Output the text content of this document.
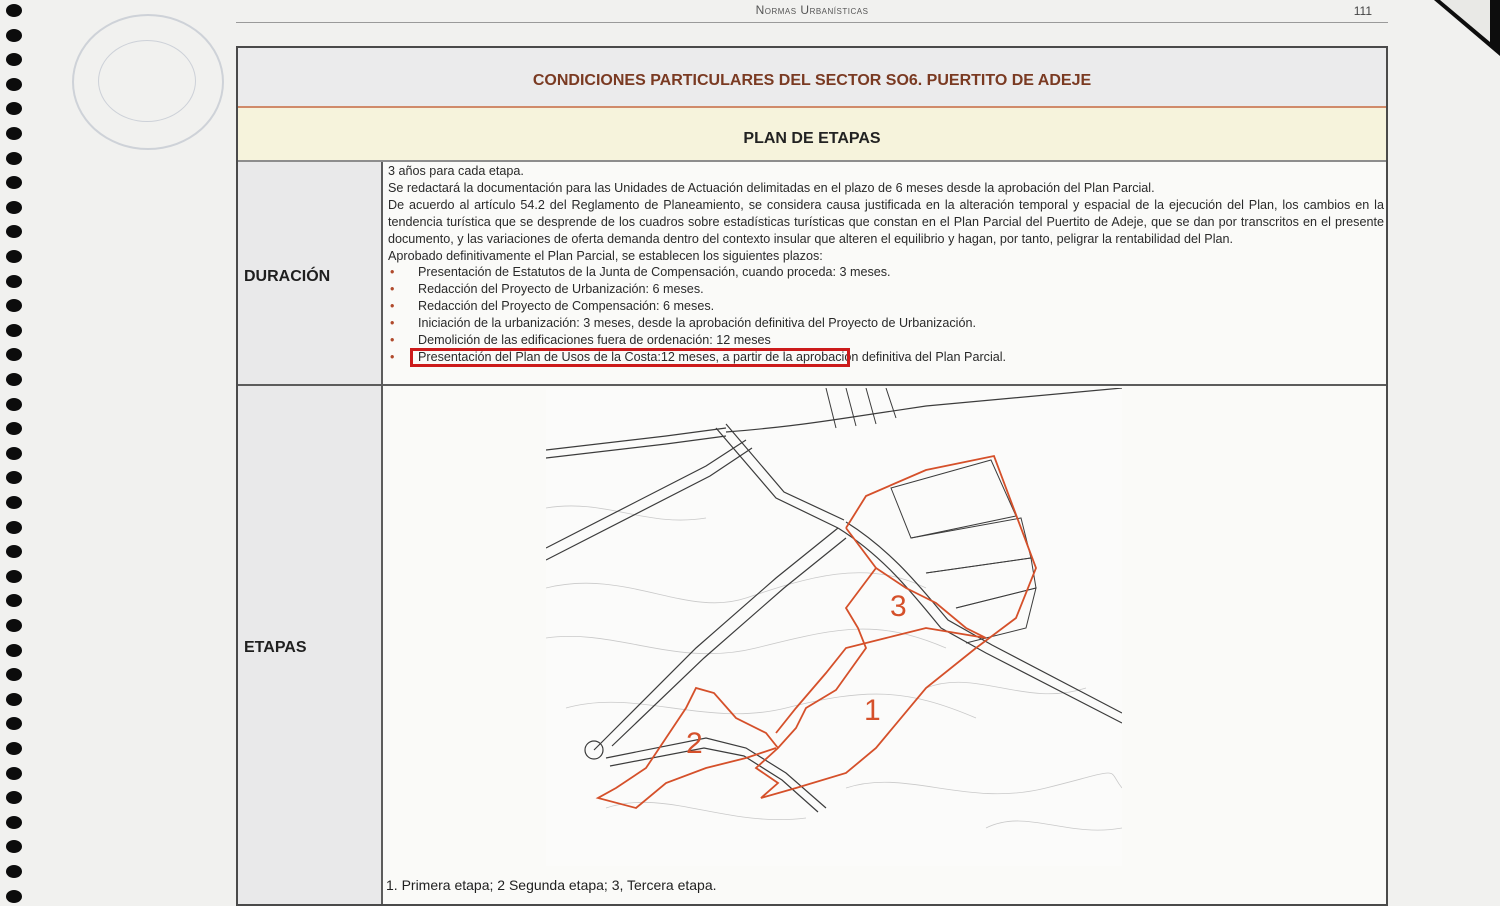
Normas Urbanísticas	111
CONDICIONES PARTICULARES DEL SECTOR SO6. PUERTITO DE ADEJE
PLAN DE ETAPAS
DURACIÓN
ETAPAS

3 años para cada etapa.

Se redactará la documentación para las Unidades de Actuación delimitadas en el plazo de 6 meses desde la aprobación del Plan Parcial.

De acuerdo al artículo 54.2 del Reglamento de Planeamiento, se considera causa justificada en la alteración temporal y espacial de la ejecución del Plan, los cambios en la tendencia turística que se desprende de los cuadros sobre estadísticas turísticas que constan en el Plan Parcial del Puertito de Adeje, que se dan por transcritos en el presente documento, y las variaciones de oferta demanda dentro del contexto insular que alteren el equilibrio y hagan, por tanto, peligrar la rentabilidad del Plan.

Aprobado definitivamente el Plan Parcial, se establecen los siguientes plazos:

• Presentación de Estatutos de la Junta de Compensación, cuando proceda: 3 meses.
• Redacción del Proyecto de Urbanización: 6 meses.
• Redacción del Proyecto de Compensación: 6 meses.
• Iniciación de la urbanización: 3 meses, desde la aprobación definitiva del Proyecto de Urbanización.
• Demolición de las edificaciones fuera de ordenación: 12 meses
• Presentación del Plan de Usos de la Costa:12 meses, a partir de la aprobación definitiva del Plan Parcial.
1
2
3
1. Primera etapa; 2 Segunda etapa; 3, Tercera etapa.
